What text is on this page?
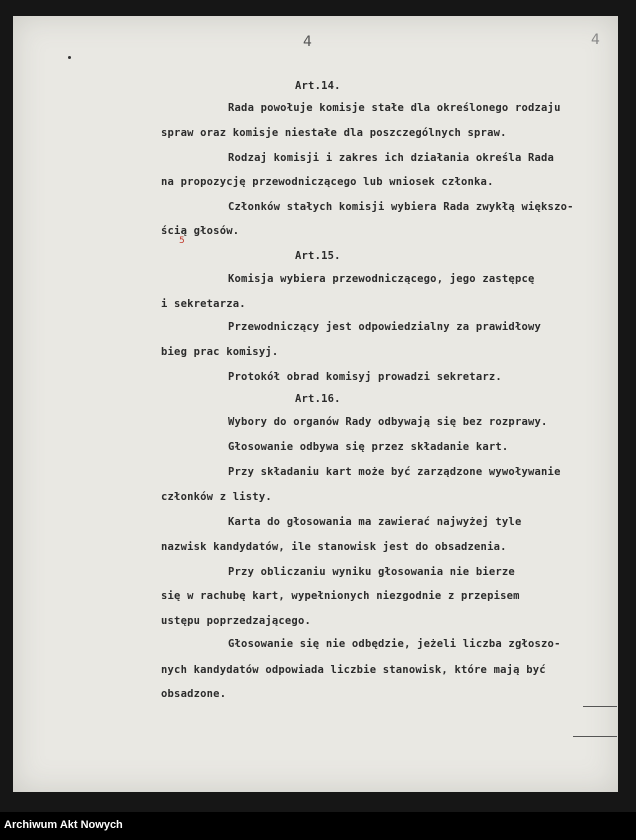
4	4
5
Art.14.
Rada powołuje komisje stałe dla określonego rodzaju
spraw oraz komisje niestałe dla poszczególnych spraw.
Rodzaj komisji i zakres ich działania określa Rada
na propozycję przewodniczącego lub wniosek członka.
Członków stałych komisji wybiera Rada zwykłą większo-
ścią głosów.
Art.15.
Komisja wybiera przewodniczącego, jego zastępcę
i sekretarza.
Przewodniczący jest odpowiedzialny za prawidłowy
bieg prac komisyj.
Protokół obrad komisyj prowadzi sekretarz.
Art.16.
Wybory do organów Rady odbywają się bez rozprawy.
Głosowanie odbywa się przez składanie kart.
Przy składaniu kart może być zarządzone wywoływanie
członków z listy.
Karta do głosowania ma zawierać najwyżej tyle
nazwisk kandydatów, ile stanowisk jest do obsadzenia.
Przy obliczaniu wyniku głosowania nie bierze
się w rachubę kart, wypełnionych niezgodnie z przepisem
ustępu poprzedzającego.
Głosowanie się nie odbędzie, jeżeli liczba zgłoszo-
nych kandydatów odpowiada liczbie stanowisk, które mają być
obsadzone.
Archiwum Akt Nowych
